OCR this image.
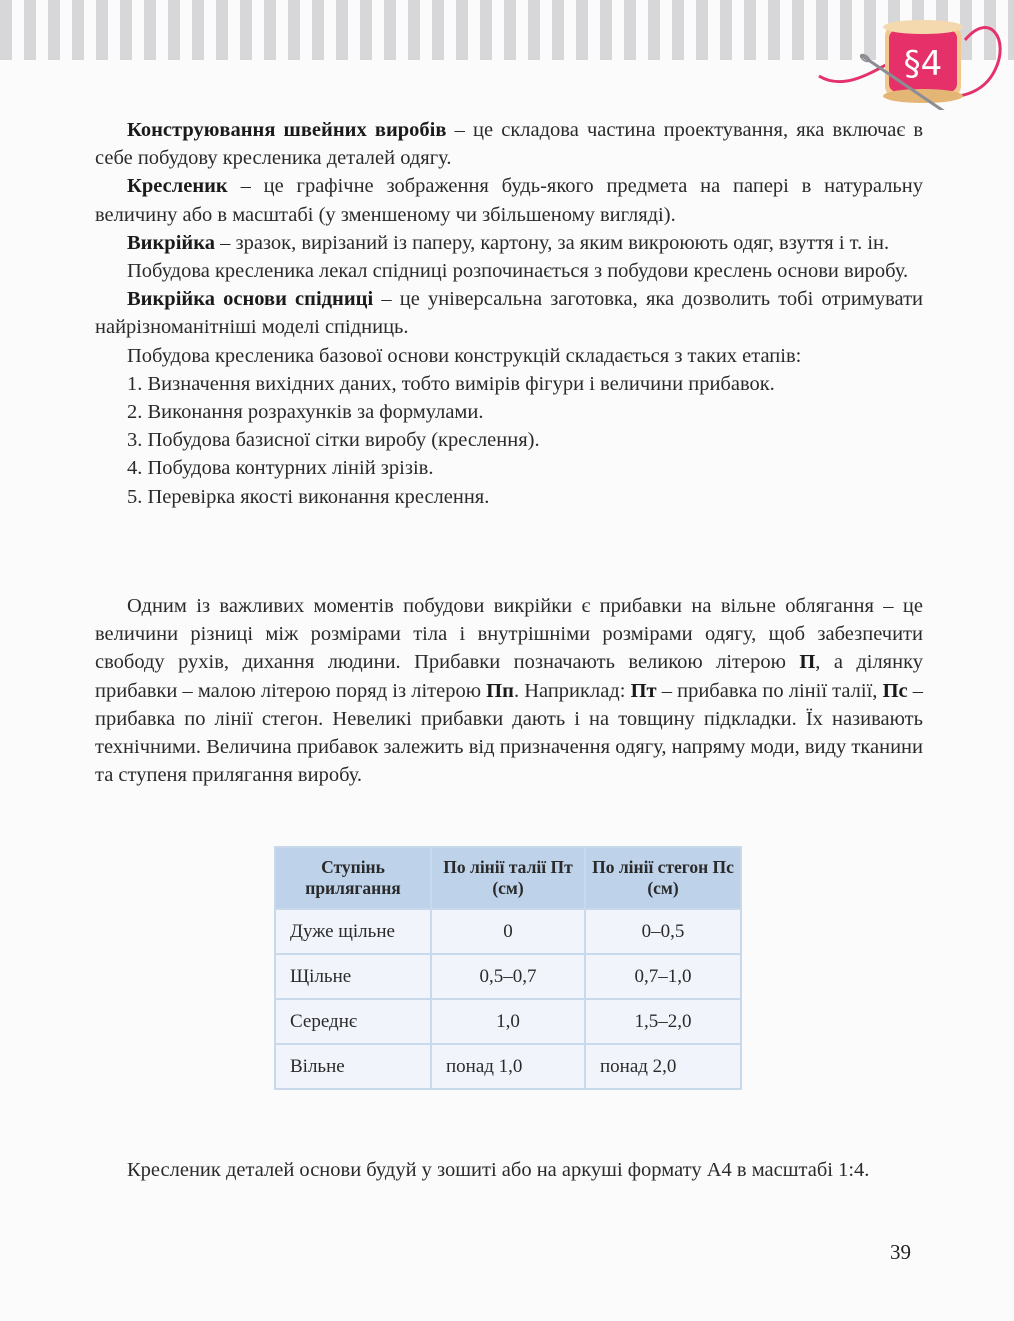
§4

Конструювання швейних виробів – це складова частина проектування, яка включає в себе побудову кресленика деталей одягу.

Кресленик – це графічне зображення будь-якого предмета на папері в натуральну величину або в масштабі (у зменшеному чи збільшеному вигляді).

Викрійка – зразок, вирізаний із паперу, картону, за яким викроюють одяг, взуття і т. ін.

Побудова кресленика лекал спідниці розпочинається з побудови креслень основи виробу.

Викрійка основи спідниці – це універсальна заготовка, яка дозволить тобі отримувати найрізноманітніші моделі спідниць.

Побудова кресленика базової основи конструкцій складається з таких етапів:

1. Визначення вихідних даних, тобто вимірів фігури і величини прибавок.

2. Виконання розрахунків за формулами.

3. Побудова базисної сітки виробу (креслення).

4. Побудова контурних ліній зрізів.

5. Перевірка якості виконання креслення.

Одним із важливих моментів побудови викрійки є прибавки на вільне облягання – це величини різниці між розмірами тіла і внутрішніми розмірами одягу, щоб забезпечити свободу рухів, дихання людини. Прибавки позначають великою літерою П, а ділянку прибавки – малою літерою поряд із літерою Пп. Наприклад: Пт – прибавка по лінії талії, Пс – прибавка по лінії стегон. Невеликі прибавки дають і на товщину підкладки. Їх називають технічними. Величина прибавок залежить від призначення одягу, напряму моди, виду тканини та ступеня прилягання виробу.

Ступінь прилягання	По лінії талії Пт (см)	По лінії стегон Пс (см)
Дуже щільне	0	0–0,5
Щільне	0,5–0,7	0,7–1,0
Середнє	1,0	1,5–2,0
Вільне	понад 1,0	понад 2,0

Кресленик деталей основи будуй у зошиті або на аркуші формату А4 в масштабі 1:4.

39
